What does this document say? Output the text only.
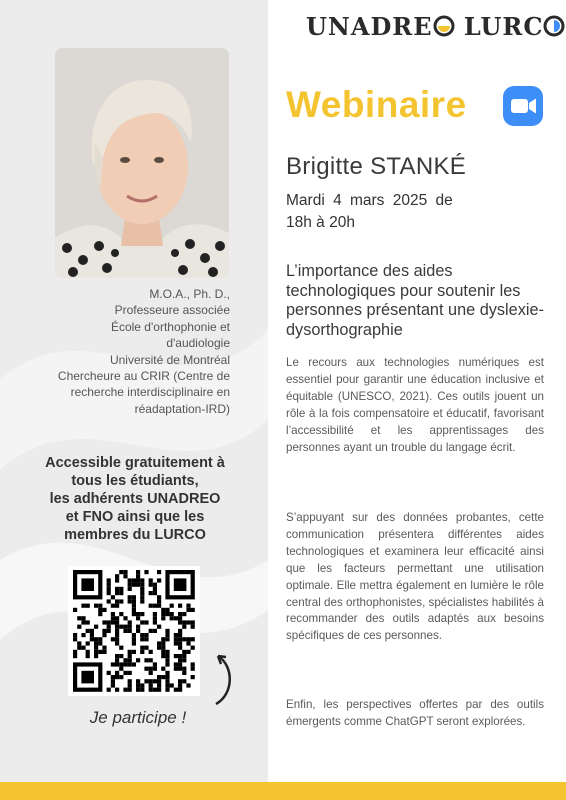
UNADRE LURC
M.O.A., Ph. D.,
Professeure associée
École d'orthophonie et
d'audiologie
Université de Montréal
Chercheure au CRIR (Centre de
recherche interdisciplinaire en
réadaptation-IRD)
Accessible gratuitement à
tous les étudiants,
les adhérents UNADREO
et FNO ainsi que les
membres du LURCO
Je participe !
Webinaire
Brigitte STANKÉ
Mardi 4 mars 2025 de
18h à 20h
L’importance des aides technologiques pour soutenir les personnes présentant une dyslexie-dysorthographie
Le recours aux technologies numériques est essentiel pour garantir une éducation inclusive et équitable (UNESCO, 2021). Ces outils jouent un rôle à la fois compensatoire et éducatif, favorisant l’accessibilité et les apprentissages des personnes ayant un trouble du langage écrit.
S’appuyant sur des données probantes, cette communication présentera différentes aides technologiques et examinera leur efficacité ainsi que les facteurs permettant une utilisation optimale. Elle mettra également en lumière le rôle central des orthophonistes, spécialistes habilités à recommander des outils adaptés aux besoins spécifiques de ces personnes.
Enfin, les perspectives offertes par des outils émergents comme ChatGPT seront explorées.
